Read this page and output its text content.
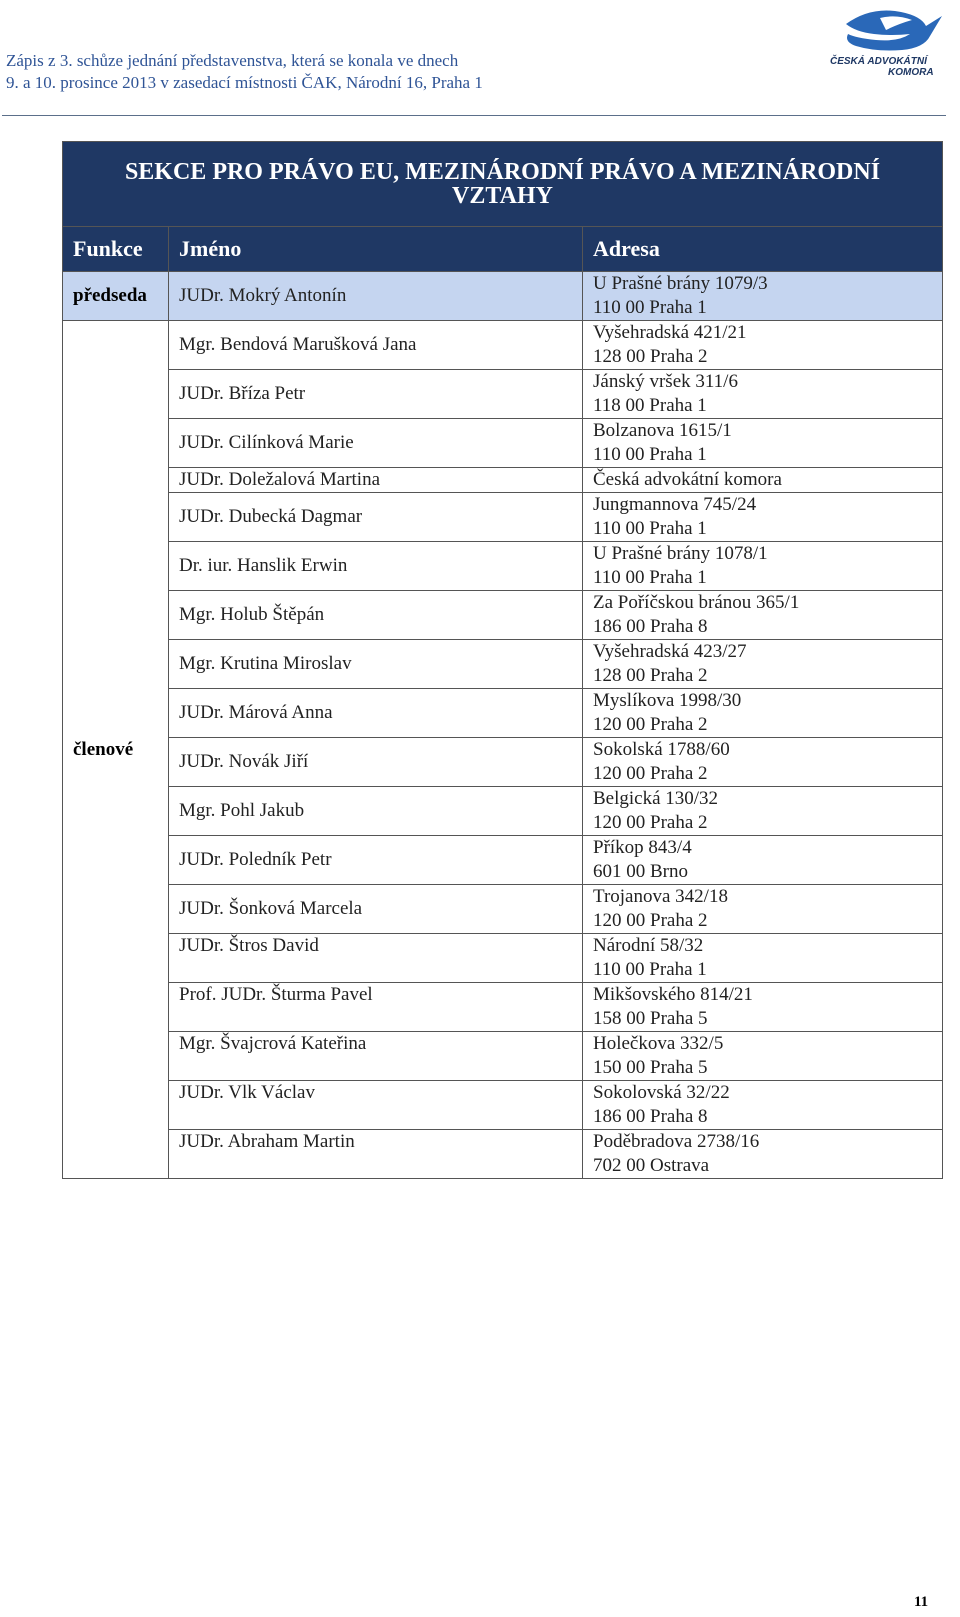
Zápis z 3. schůze jednání představenstva, která se konala ve dnech
9. a 10. prosince 2013 v zasedací místnosti ČAK, Národní 16, Praha 1
ČESKÁ ADVOKÁTNÍ
KOMORA
SEKCE PRO PRÁVO EU, MEZINÁRODNÍ PRÁVO A MEZINÁRODNÍ VZTAHY		
Funkce	Jméno	Adresa
předseda	JUDr. Mokrý Antonín	U Prašné brány 1079/3
110 00 Praha 1

členové	Mgr. Bendová Marušková Jana	Vyšehradská 421/21
128 00 Praha 2

	JUDr. Bříza Petr	Jánský vršek 311/6
118 00 Praha 1

	JUDr. Cilínková Marie	Bolzanova 1615/1
110 00 Praha 1

	JUDr. Doležalová Martina	Česká advokátní komora

	JUDr. Dubecká Dagmar	Jungmannova 745/24
110 00 Praha 1

	Dr. iur. Hanslik Erwin	U Prašné brány 1078/1
110 00 Praha 1

	Mgr. Holub Štěpán	Za Poříčskou bránou 365/1
186 00 Praha 8

	Mgr. Krutina Miroslav	Vyšehradská 423/27
128 00 Praha 2

	JUDr. Márová Anna	Myslíkova 1998/30
120 00 Praha 2

	JUDr. Novák Jiří	Sokolská 1788/60
120 00 Praha 2

	Mgr. Pohl Jakub	Belgická 130/32
120 00 Praha 2

	JUDr. Poledník Petr	Příkop 843/4
601 00 Brno

	JUDr. Šonková Marcela	Trojanova 342/18
120 00 Praha 2

	JUDr. Štros David	Národní 58/32
110 00 Praha 1

	Prof. JUDr. Šturma Pavel	Mikšovského 814/21
158 00 Praha 5

	Mgr. Švajcrová Kateřina	Holečkova 332/5
150 00 Praha 5

	JUDr. Vlk Václav	Sokolovská 32/22
186 00 Praha 8

	JUDr. Abraham Martin	Poděbradova 2738/16
702 00 Ostrava
11
